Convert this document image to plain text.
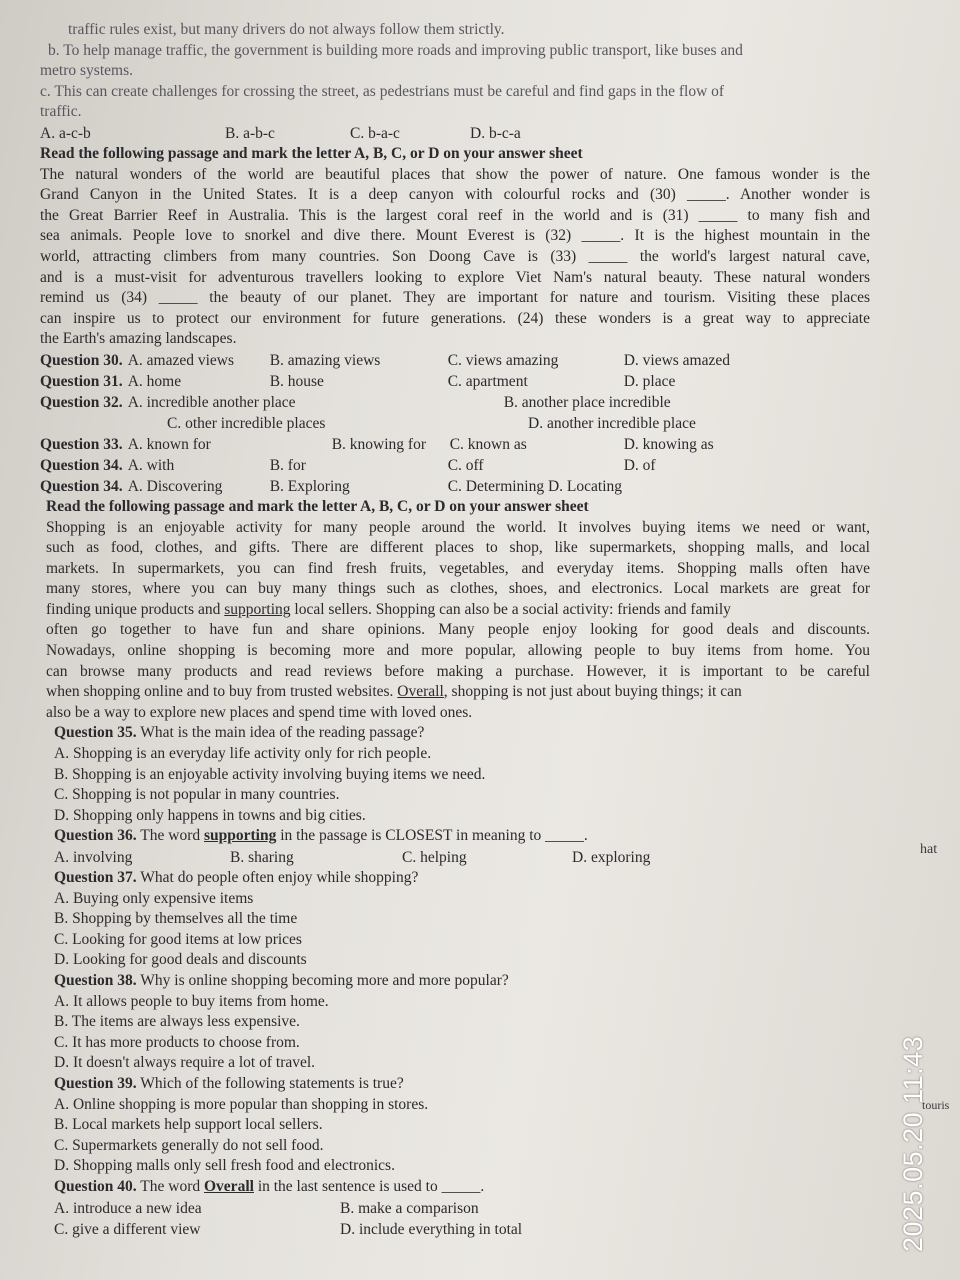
traffic rules exist, but many drivers do not always follow them strictly.
b. To help manage traffic, the government is building more roads and improving public transport, like buses and
metro systems.
c. This can create challenges for crossing the street, as pedestrians must be careful and find gaps in the flow of
traffic.
A. a-c-b	B. a-b-c	C. b-a-c	D. b-c-a
Read the following passage and mark the letter A, B, C, or D on your answer sheet
The natural wonders of the world are beautiful places that show the power of nature. One famous wonder is the
Grand Canyon in the United States. It is a deep canyon with colourful rocks and (30) _____. Another wonder is
the Great Barrier Reef in Australia. This is the largest coral reef in the world and is (31) _____ to many fish and
sea animals. People love to snorkel and dive there. Mount Everest is (32) _____. It is the highest mountain in the
world, attracting climbers from many countries. Son Doong Cave is (33) _____ the world's largest natural cave,
and is a must-visit for adventurous travellers looking to explore Viet Nam's natural beauty. These natural wonders
remind us (34) _____ the beauty of our planet. They are important for nature and tourism. Visiting these places
can inspire us to protect our environment for future generations. (24) these wonders is a great way to appreciate
the Earth's amazing landscapes.
Question 30. A. amazed views	B. amazing views	C. views amazing	D. views amazed
Question 31. A. home	B. house	C. apartment	D. place
Question 32. A. incredible another place	B. another place incredible
C. other incredible places	D. another incredible place
Question 33. A. known for	B. knowing for	C. known as	D. knowing as
Question 34. A. with	B. for	C. off	D. of
Question 34. A. Discovering	B. Exploring	C. Determining D. Locating
Read the following passage and mark the letter A, B, C, or D on your answer sheet
Shopping is an enjoyable activity for many people around the world. It involves buying items we need or want,
such as food, clothes, and gifts. There are different places to shop, like supermarkets, shopping malls, and local
markets. In supermarkets, you can find fresh fruits, vegetables, and everyday items. Shopping malls often have
many stores, where you can buy many things such as clothes, shoes, and electronics. Local markets are great for
finding unique products and supporting local sellers. Shopping can also be a social activity: friends and family
often go together to have fun and share opinions. Many people enjoy looking for good deals and discounts.
Nowadays, online shopping is becoming more and more popular, allowing people to buy items from home. You
can browse many products and read reviews before making a purchase. However, it is important to be careful
when shopping online and to buy from trusted websites. Overall, shopping is not just about buying things; it can
also be a way to explore new places and spend time with loved ones.
Question 35. What is the main idea of the reading passage?
A. Shopping is an everyday life activity only for rich people.
B. Shopping is an enjoyable activity involving buying items we need.
C. Shopping is not popular in many countries.
D. Shopping only happens in towns and big cities.
Question 36. The word supporting in the passage is CLOSEST in meaning to _____.
A. involving	B. sharing	C. helping	D. exploring
Question 37. What do people often enjoy while shopping?
A. Buying only expensive items
B. Shopping by themselves all the time
C. Looking for good items at low prices
D. Looking for good deals and discounts
Question 38. Why is online shopping becoming more and more popular?
A. It allows people to buy items from home.
B. The items are always less expensive.
C. It has more products to choose from.
D. It doesn't always require a lot of travel.
Question 39. Which of the following statements is true?
A. Online shopping is more popular than shopping in stores.
B. Local markets help support local sellers.
C. Supermarkets generally do not sell food.
D. Shopping malls only sell fresh food and electronics.
Question 40. The word Overall in the last sentence is used to _____.
A. introduce a new idea	B. make a comparison
C. give a different view	D. include everything in total
hat
touris
2025.05.20 11:43
